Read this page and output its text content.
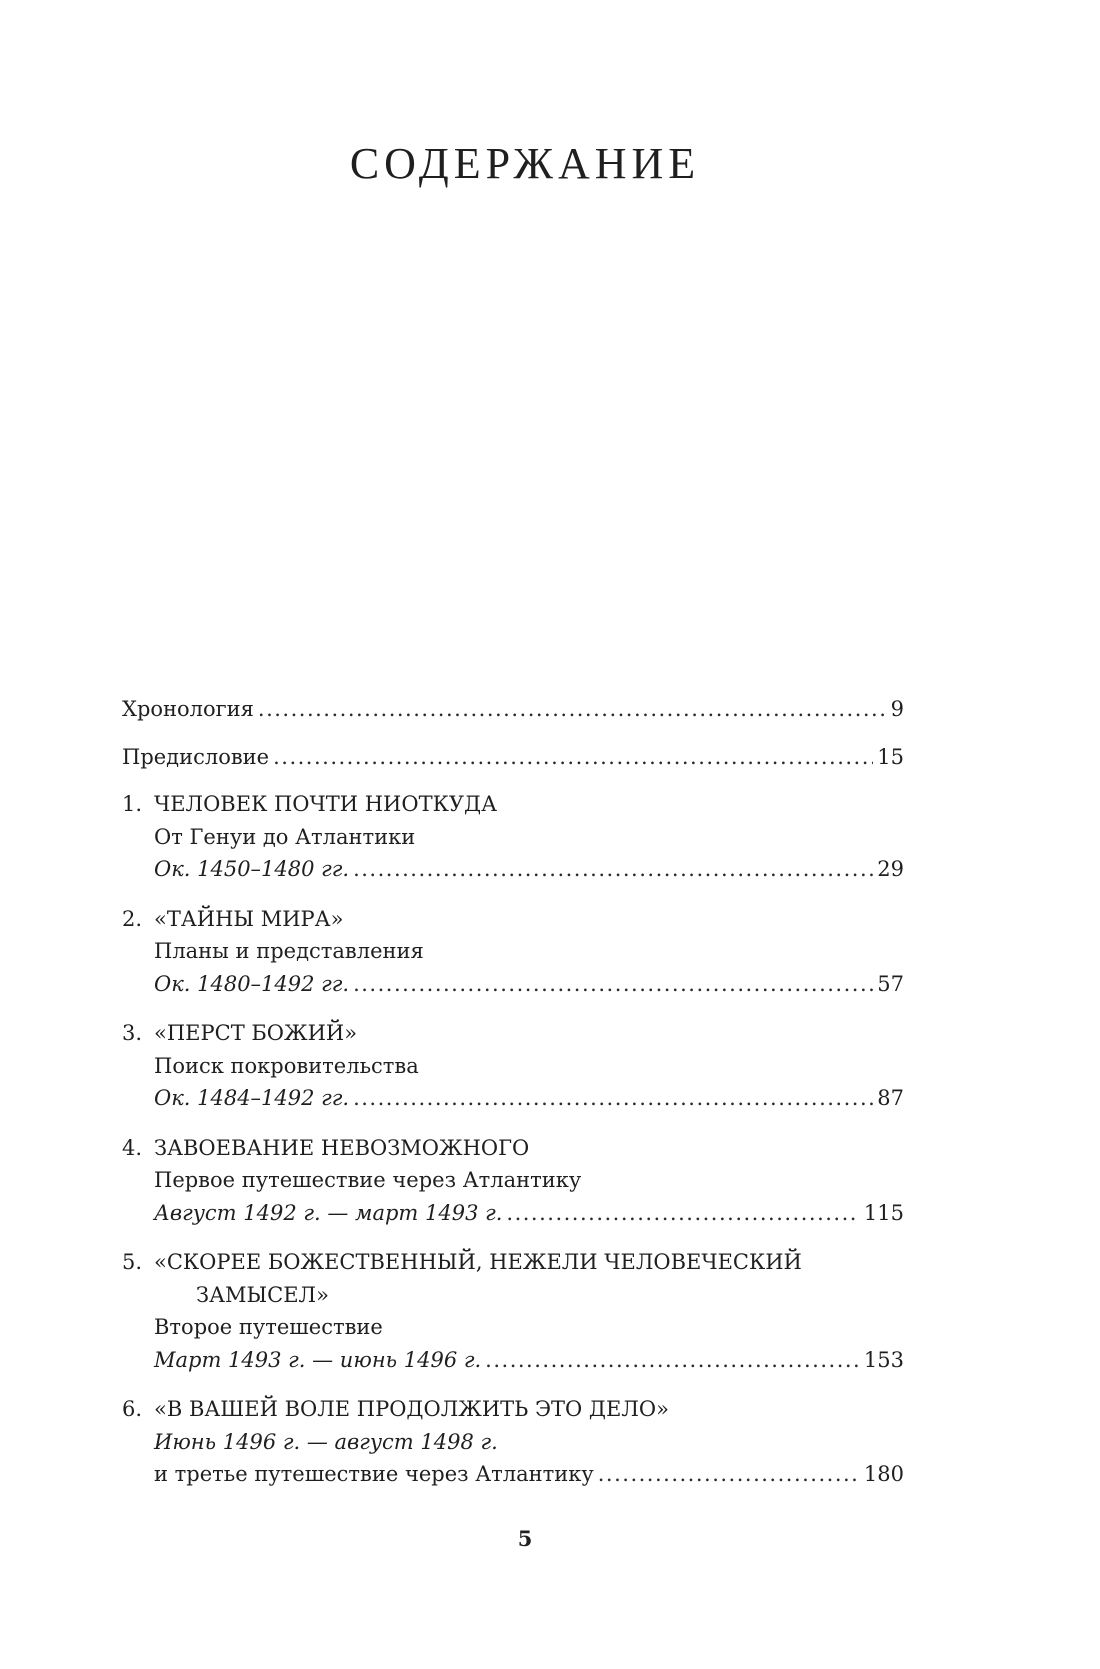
СОДЕРЖАНИЕ
Хронология .....	9
Предисловие .....	15
1. ЧЕЛОВЕК ПОЧТИ НИОТКУДА
От Генуи до Атлантики
Ок. 1450–1480 гг. .....	29
2. «ТАЙНЫ МИРА»
Планы и представления
Ок. 1480–1492 гг. .....	57
3. «ПЕРСТ БОЖИЙ»
Поиск покровительства
Ок. 1484–1492 гг. .....	87
4. ЗАВОЕВАНИЕ НЕВОЗМОЖНОГО
Первое путешествие через Атлантику
Август 1492 г. — март 1493 г. .....	115
5. «СКОРЕЕ БОЖЕСТВЕННЫЙ, НЕЖЕЛИ ЧЕЛОВЕЧЕСКИЙ
ЗАМЫСЕЛ»
Второе путешествие
Март 1493 г. — июнь 1496 г. .....	153
6. «В ВАШЕЙ ВОЛЕ ПРОДОЛЖИТЬ ЭТО ДЕЛО»
Июнь 1496 г. — август 1498 г.
и третье путешествие через Атлантику .....	180
5
